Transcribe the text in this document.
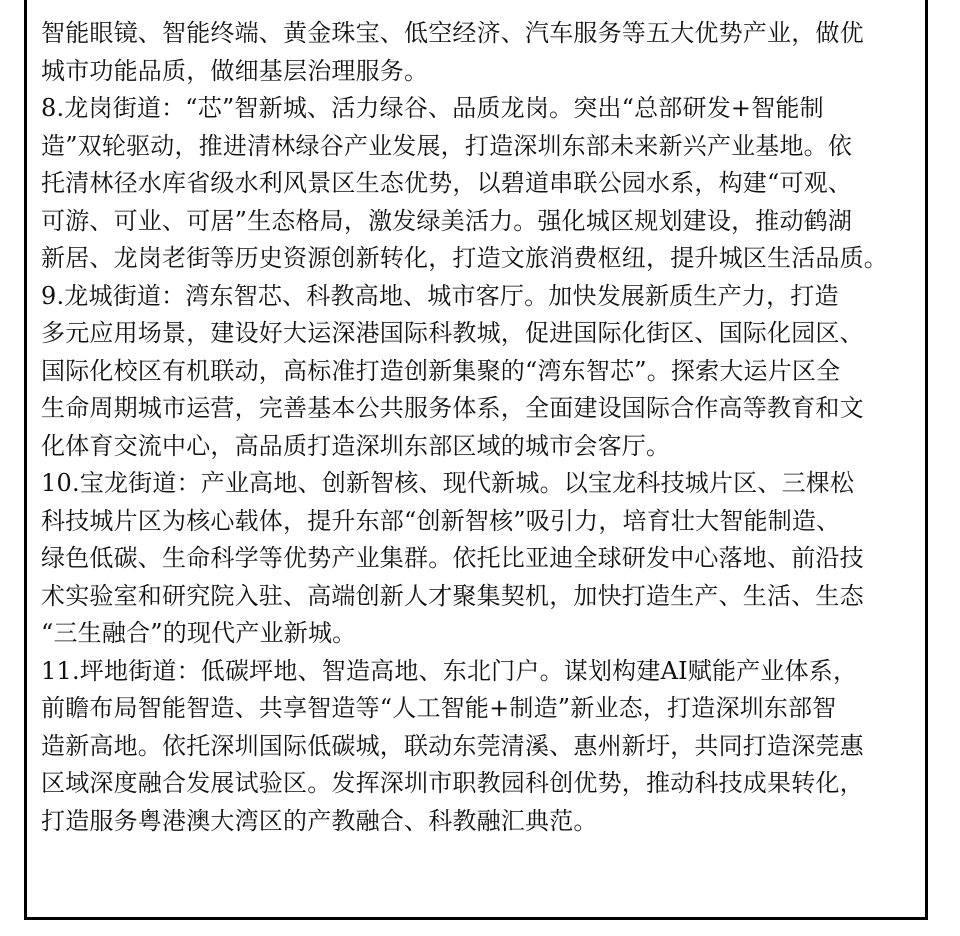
智能眼镜、智能终端、黄金珠宝、低空经济、汽车服务等五大优势产业，做优
城市功能品质，做细基层治理服务。
8.龙岗街道：“芯”智新城、活力绿谷、品质龙岗。突出“总部研发+智能制
造”双轮驱动，推进清林绿谷产业发展，打造深圳东部未来新兴产业基地。依
托清林径水库省级水利风景区生态优势，以碧道串联公园水系，构建“可观、
可游、可业、可居”生态格局，激发绿美活力。强化城区规划建设，推动鹤湖
新居、龙岗老街等历史资源创新转化，打造文旅消费枢纽，提升城区生活品质。
9.龙城街道：湾东智芯、科教高地、城市客厅。加快发展新质生产力，打造
多元应用场景，建设好大运深港国际科教城，促进国际化街区、国际化园区、
国际化校区有机联动，高标准打造创新集聚的“湾东智芯”。探索大运片区全
生命周期城市运营，完善基本公共服务体系，全面建设国际合作高等教育和文
化体育交流中心，高品质打造深圳东部区域的城市会客厅。
10.宝龙街道：产业高地、创新智核、现代新城。以宝龙科技城片区、三棵松
科技城片区为核心载体，提升东部“创新智核”吸引力，培育壮大智能制造、
绿色低碳、生命科学等优势产业集群。依托比亚迪全球研发中心落地、前沿技
术实验室和研究院入驻、高端创新人才聚集契机，加快打造生产、生活、生态
“三生融合”的现代产业新城。
11.坪地街道：低碳坪地、智造高地、东北门户。谋划构建AI赋能产业体系，
前瞻布局智能智造、共享智造等“人工智能+制造”新业态，打造深圳东部智
造新高地。依托深圳国际低碳城，联动东莞清溪、惠州新圩，共同打造深莞惠
区域深度融合发展试验区。发挥深圳市职教园科创优势，推动科技成果转化，
打造服务粤港澳大湾区的产教融合、科教融汇典范。
